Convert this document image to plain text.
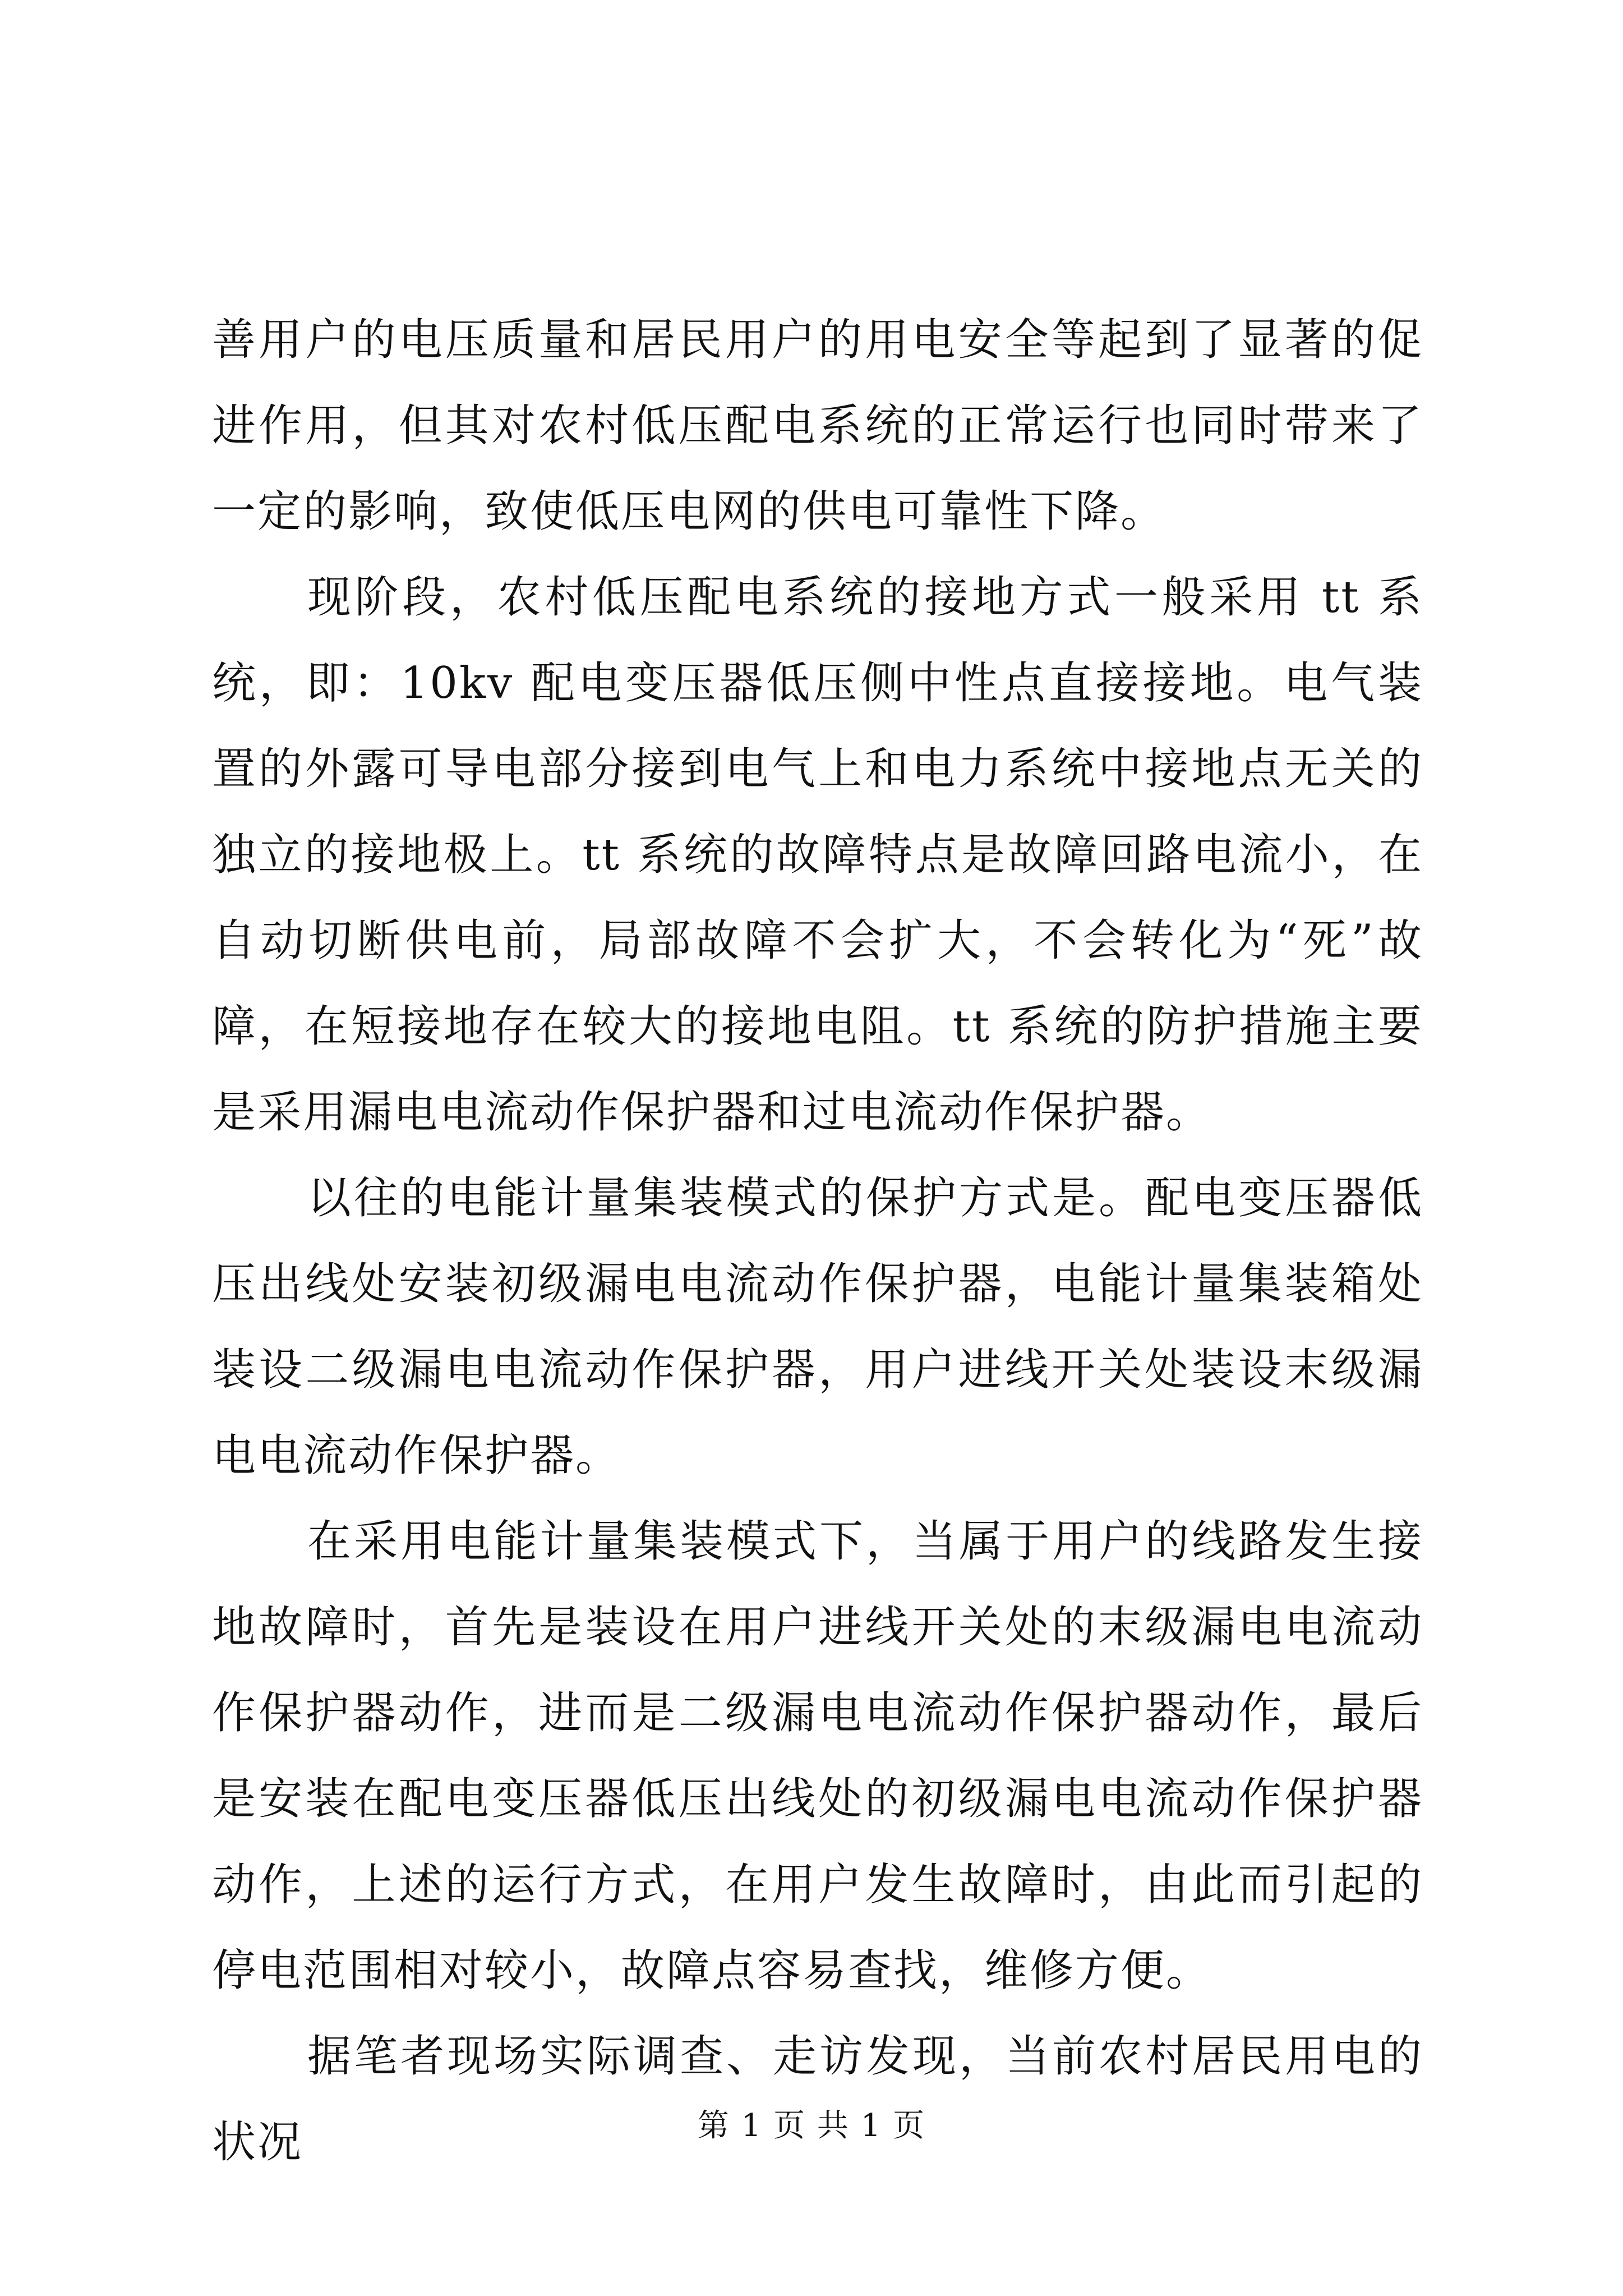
善用户的电压质量和居民用户的用电安全等起到了显著的促进作用，但其对农村低压配电系统的正常运行也同时带来了一定的影响，致使低压电网的供电可靠性下降。

现阶段，农村低压配电系统的接地方式一般采用 tt 系统，即：10kv 配电变压器低压侧中性点直接接地。电气装置的外露可导电部分接到电气上和电力系统中接地点无关的独立的接地极上。tt 系统的故障特点是故障回路电流小，在自动切断供电前，局部故障不会扩大，不会转化为“死”故障，在短接地存在较大的接地电阻。tt 系统的防护措施主要是采用漏电电流动作保护器和过电流动作保护器。

以往的电能计量集装模式的保护方式是。配电变压器低压出线处安装初级漏电电流动作保护器，电能计量集装箱处装设二级漏电电流动作保护器，用户进线开关处装设末级漏电电流动作保护器。

在采用电能计量集装模式下，当属于用户的线路发生接地故障时，首先是装设在用户进线开关处的末级漏电电流动作保护器动作，进而是二级漏电电流动作保护器动作，最后是安装在配电变压器低压出线处的初级漏电电流动作保护器动作，上述的运行方式，在用户发生故障时，由此而引起的停电范围相对较小，故障点容易查找，维修方便。

据笔者现场实际调查、走访发现，当前农村居民用电的状况	第 1 页 共 1 页
